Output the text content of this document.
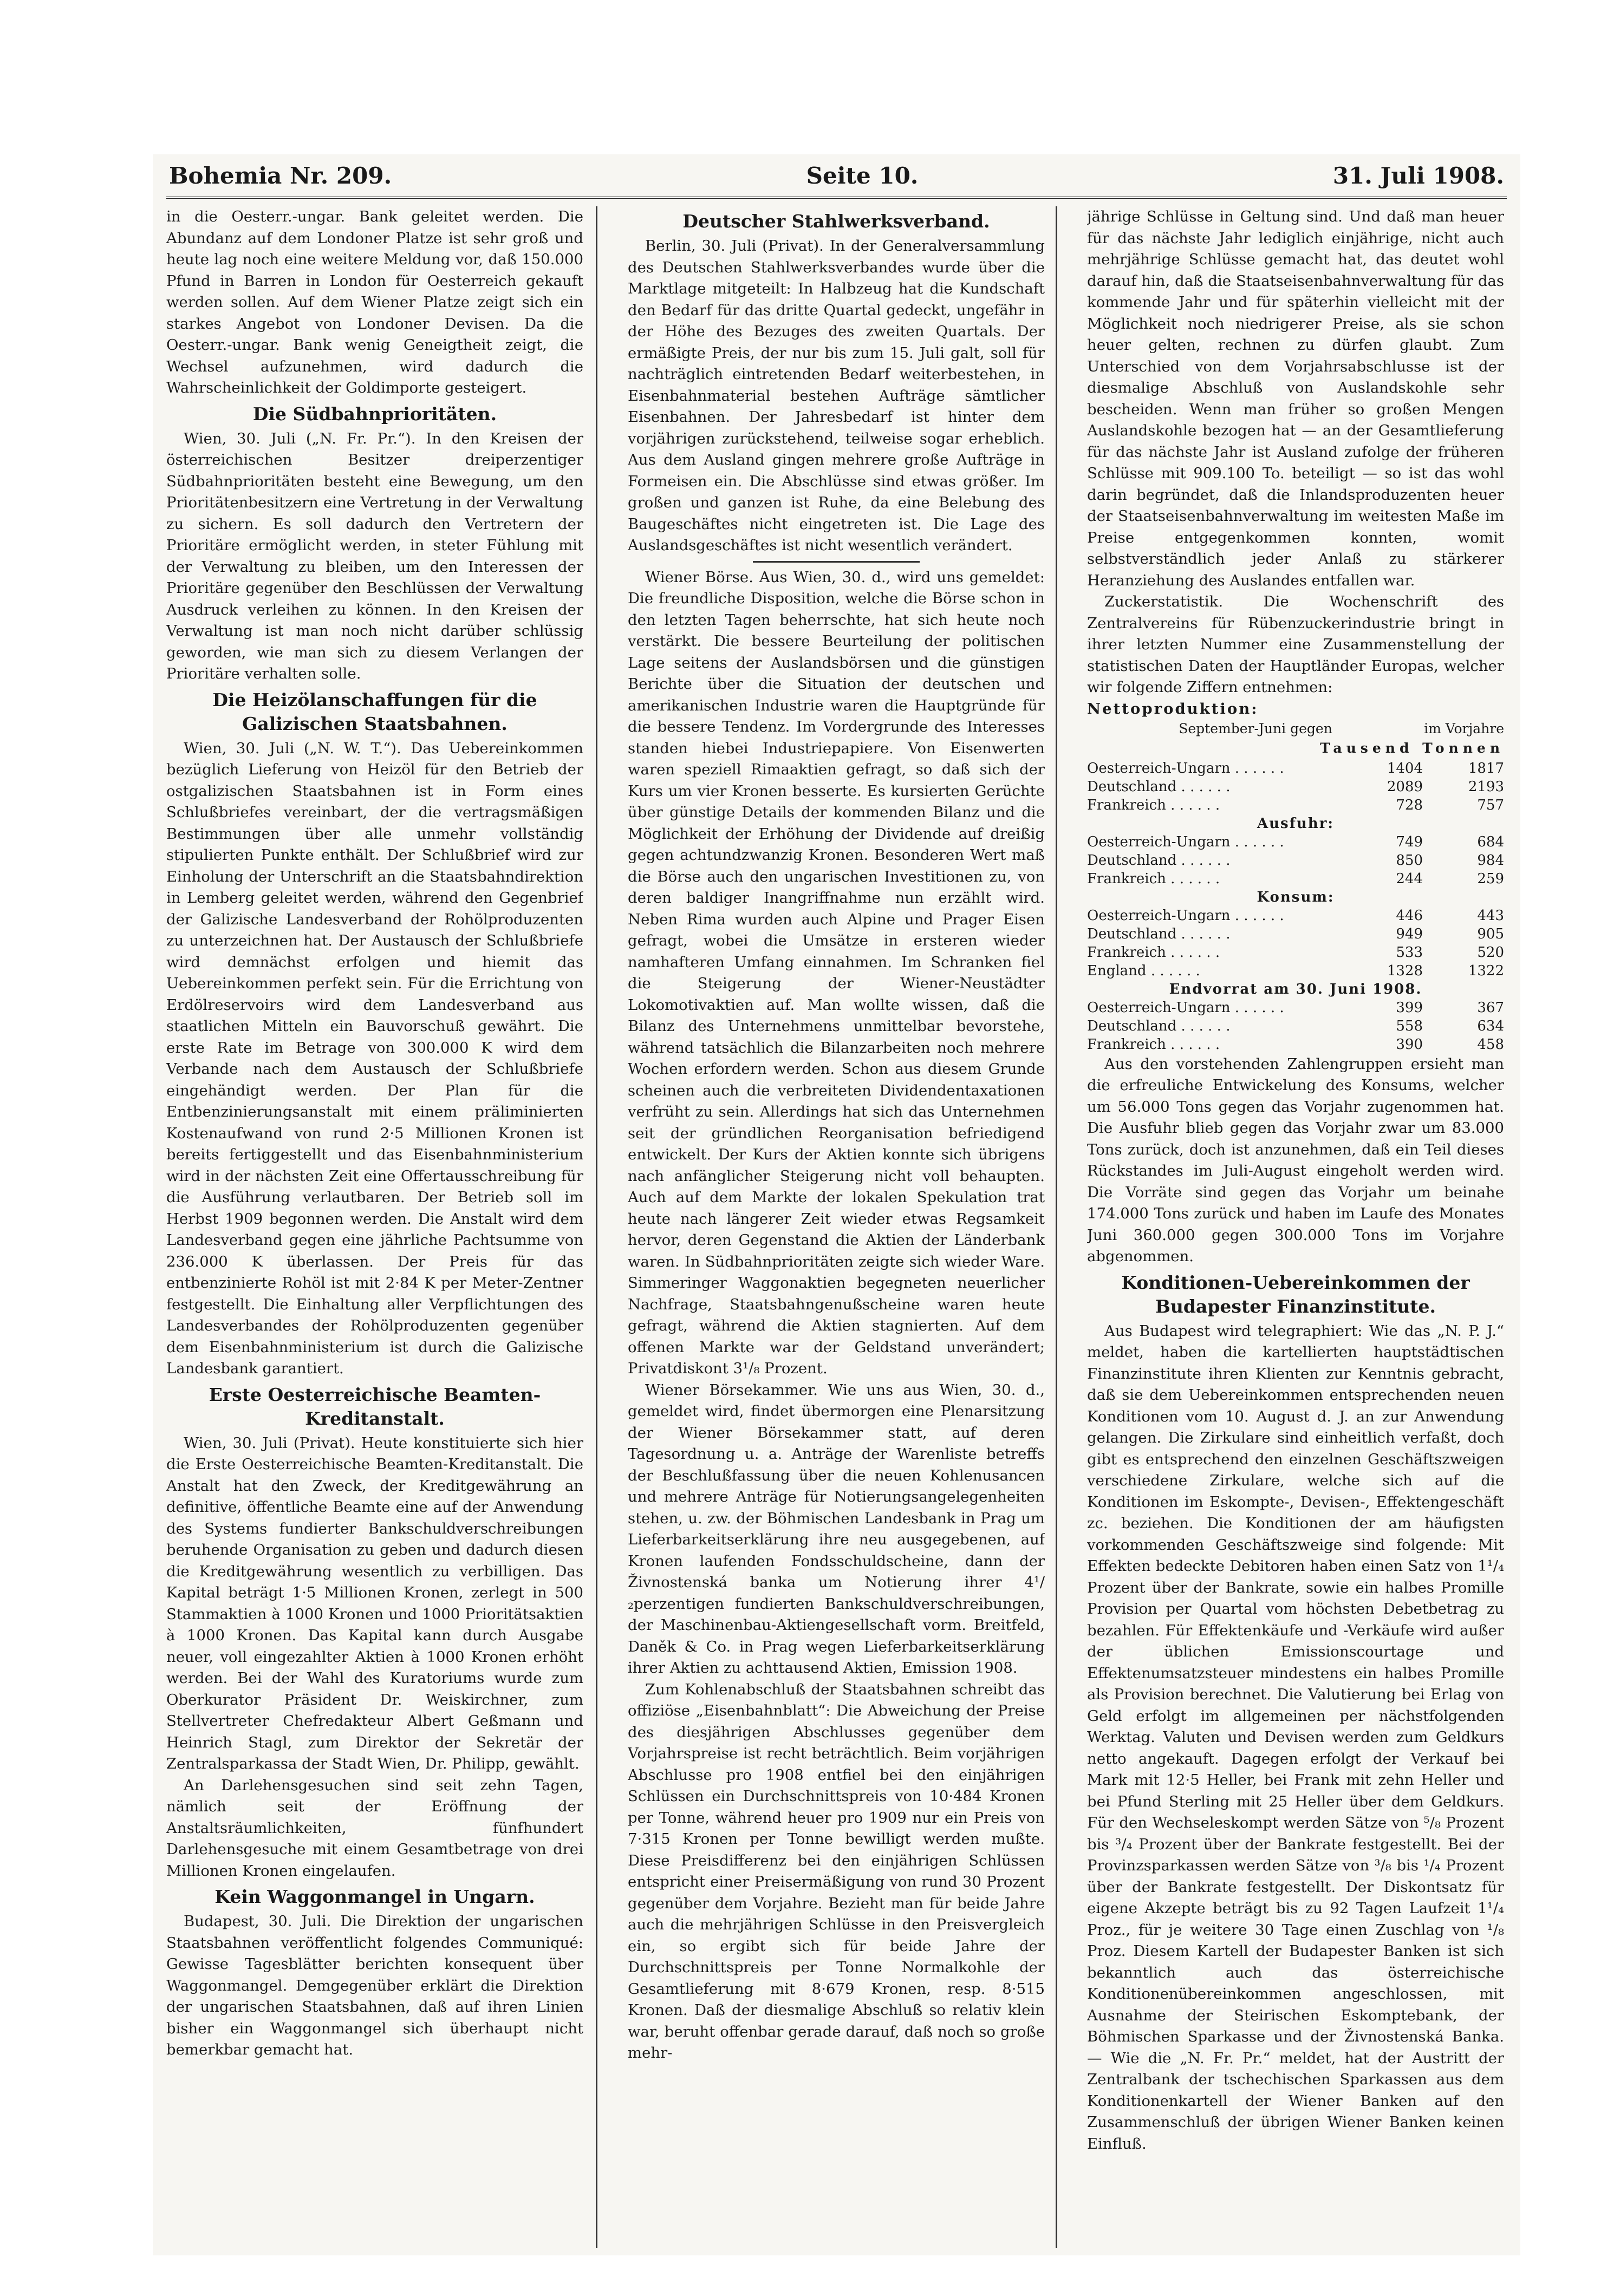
Bohemia Nr. 209.	Seite 10.	31. Juli 1908.

in die Oesterr.-ungar. Bank geleitet werden. Die Abundanz auf dem Londoner Platze ist sehr groß und heute lag noch eine weitere Meldung vor, daß 150.000 Pfund in Barren in London für Oesterreich gekauft werden sollen. Auf dem Wiener Platze zeigt sich ein starkes Angebot von Londoner Devisen. Da die Oesterr.-ungar. Bank wenig Geneigtheit zeigt, die Wechsel aufzunehmen, wird dadurch die Wahrscheinlichkeit der Goldimporte gesteigert.

Die Südbahnprioritäten.

Wien, 30. Juli („N. Fr. Pr.“). In den Kreisen der österreichischen Besitzer dreiperzentiger Südbahnprioritäten besteht eine Bewegung, um den Prioritätenbesitzern eine Vertretung in der Verwaltung zu sichern. Es soll dadurch den Vertretern der Prioritäre ermöglicht werden, in steter Fühlung mit der Verwaltung zu bleiben, um den Interessen der Prioritäre gegenüber den Beschlüssen der Verwaltung Ausdruck verleihen zu können. In den Kreisen der Verwaltung ist man noch nicht darüber schlüssig geworden, wie man sich zu diesem Verlangen der Prioritäre verhalten solle.

Die Heizölanschaffungen für die Galizischen Staatsbahnen.

Wien, 30. Juli („N. W. T.“). Das Uebereinkommen bezüglich Lieferung von Heizöl für den Betrieb der ostgalizischen Staatsbahnen ist in Form eines Schlußbriefes vereinbart, der die vertragsmäßigen Bestimmungen über alle unmehr vollständig stipulierten Punkte enthält. Der Schlußbrief wird zur Einholung der Unterschrift an die Staatsbahndirektion in Lemberg geleitet werden, während den Gegenbrief der Galizische Landesverband der Rohölproduzenten zu unterzeichnen hat. Der Austausch der Schlußbriefe wird demnächst erfolgen und hiemit das Uebereinkommen perfekt sein. Für die Errichtung von Erdölreservoirs wird dem Landesverband aus staatlichen Mitteln ein Bauvorschuß gewährt. Die erste Rate im Betrage von 300.000 K wird dem Verbande nach dem Austausch der Schlußbriefe eingehändigt werden. Der Plan für die Entbenzinierungsanstalt mit einem präliminierten Kostenaufwand von rund 2·5 Millionen Kronen ist bereits fertiggestellt und das Eisenbahnministerium wird in der nächsten Zeit eine Offertausschreibung für die Ausführung verlautbaren. Der Betrieb soll im Herbst 1909 begonnen werden. Die Anstalt wird dem Landesverband gegen eine jährliche Pachtsumme von 236.000 K überlassen. Der Preis für das entbenzinierte Rohöl ist mit 2·84 K per Meter-Zentner festgestellt. Die Einhaltung aller Verpflichtungen des Landesverbandes der Rohölproduzenten gegenüber dem Eisenbahnministerium ist durch die Galizische Landesbank garantiert.

Erste Oesterreichische Beamten-Kreditanstalt.

Wien, 30. Juli (Privat). Heute konstituierte sich hier die Erste Oesterreichische Beamten-Kreditanstalt. Die Anstalt hat den Zweck, der Kreditgewährung an definitive, öffentliche Beamte eine auf der Anwendung des Systems fundierter Bankschuldverschreibungen beruhende Organisation zu geben und dadurch diesen die Kreditgewährung wesentlich zu verbilligen. Das Kapital beträgt 1·5 Millionen Kronen, zerlegt in 500 Stammaktien à 1000 Kronen und 1000 Prioritätsaktien à 1000 Kronen. Das Kapital kann durch Ausgabe neuer, voll eingezahlter Aktien à 1000 Kronen erhöht werden. Bei der Wahl des Kuratoriums wurde zum Oberkurator Präsident Dr. Weiskirchner, zum Stellvertreter Chefredakteur Albert Geßmann und Heinrich Stagl, zum Direktor der Sekretär der Zentralsparkassa der Stadt Wien, Dr. Philipp, gewählt.

An Darlehensgesuchen sind seit zehn Tagen, nämlich seit der Eröffnung der Anstaltsräumlichkeiten, fünfhundert Darlehensgesuche mit einem Gesamtbetrage von drei Millionen Kronen eingelaufen.

Kein Waggonmangel in Ungarn.

Budapest, 30. Juli. Die Direktion der ungarischen Staatsbahnen veröffentlicht folgendes Communiqué: Gewisse Tagesblätter berichten konsequent über Waggonmangel. Demgegenüber erklärt die Direktion der ungarischen Staatsbahnen, daß auf ihren Linien bisher ein Waggonmangel sich überhaupt nicht bemerkbar gemacht hat.

Deutscher Stahlwerksverband.

Berlin, 30. Juli (Privat). In der Generalversammlung des Deutschen Stahlwerksverbandes wurde über die Marktlage mitgeteilt: In Halbzeug hat die Kundschaft den Bedarf für das dritte Quartal gedeckt, ungefähr in der Höhe des Bezuges des zweiten Quartals. Der ermäßigte Preis, der nur bis zum 15. Juli galt, soll für nachträglich eintretenden Bedarf weiterbestehen, in Eisenbahnmaterial bestehen Aufträge sämtlicher Eisenbahnen. Der Jahresbedarf ist hinter dem vorjährigen zurückstehend, teilweise sogar erheblich. Aus dem Ausland gingen mehrere große Aufträge in Formeisen ein. Die Abschlüsse sind etwas größer. Im großen und ganzen ist Ruhe, da eine Belebung des Baugeschäftes nicht eingetreten ist. Die Lage des Auslandsgeschäftes ist nicht wesentlich verändert.

Wiener Börse. Aus Wien, 30. d., wird uns gemeldet: Die freundliche Disposition, welche die Börse schon in den letzten Tagen beherrschte, hat sich heute noch verstärkt. Die bessere Beurteilung der politischen Lage seitens der Auslandsbörsen und die günstigen Berichte über die Situation der deutschen und amerikanischen Industrie waren die Hauptgründe für die bessere Tendenz. Im Vordergrunde des Interesses standen hiebei Industriepapiere. Von Eisenwerten waren speziell Rimaaktien gefragt, so daß sich der Kurs um vier Kronen besserte. Es kursierten Gerüchte über günstige Details der kommenden Bilanz und die Möglichkeit der Erhöhung der Dividende auf dreißig gegen achtundzwanzig Kronen. Besonderen Wert maß die Börse auch den ungarischen Investitionen zu, von deren baldiger Inangriffnahme nun erzählt wird. Neben Rima wurden auch Alpine und Prager Eisen gefragt, wobei die Umsätze in ersteren wieder namhafteren Umfang einnahmen. Im Schranken fiel die Steigerung der Wiener-Neustädter Lokomotivaktien auf. Man wollte wissen, daß die Bilanz des Unternehmens unmittelbar bevorstehe, während tatsächlich die Bilanzarbeiten noch mehrere Wochen erfordern werden. Schon aus diesem Grunde scheinen auch die verbreiteten Dividendentaxationen verfrüht zu sein. Allerdings hat sich das Unternehmen seit der gründlichen Reorganisation befriedigend entwickelt. Der Kurs der Aktien konnte sich übrigens nach anfänglicher Steigerung nicht voll behaupten. Auch auf dem Markte der lokalen Spekulation trat heute nach längerer Zeit wieder etwas Regsamkeit hervor, deren Gegenstand die Aktien der Länderbank waren. In Südbahnprioritäten zeigte sich wieder Ware. Simmeringer Waggonaktien begegneten neuerlicher Nachfrage, Staatsbahngenußscheine waren heute gefragt, während die Aktien stagnierten. Auf dem offenen Markte war der Geldstand unverändert; Privatdiskont 3¹/₈ Prozent.

Wiener Börsekammer. Wie uns aus Wien, 30. d., gemeldet wird, findet übermorgen eine Plenarsitzung der Wiener Börsekammer statt, auf deren Tagesordnung u. a. Anträge der Warenliste betreffs der Beschlußfassung über die neuen Kohlenusancen und mehrere Anträge für Notierungsangelegenheiten stehen, u. zw. der Böhmischen Landesbank in Prag um Lieferbarkeitserklärung ihre neu ausgegebenen, auf Kronen laufenden Fondsschuldscheine, dann der Živnostenská banka um Notierung ihrer 4¹/₂perzentigen fundierten Bankschuldverschreibungen, der Maschinenbau-Aktiengesellschaft vorm. Breitfeld, Daněk & Co. in Prag wegen Lieferbarkeitserklärung ihrer Aktien zu achttausend Aktien, Emission 1908.

Zum Kohlenabschluß der Staatsbahnen schreibt das offiziöse „Eisenbahnblatt“: Die Abweichung der Preise des diesjährigen Abschlusses gegenüber dem Vorjahrspreise ist recht beträchtlich. Beim vorjährigen Abschlusse pro 1908 entfiel bei den einjährigen Schlüssen ein Durchschnittspreis von 10·484 Kronen per Tonne, während heuer pro 1909 nur ein Preis von 7·315 Kronen per Tonne bewilligt werden mußte. Diese Preisdifferenz bei den einjährigen Schlüssen entspricht einer Preisermäßigung von rund 30 Prozent gegenüber dem Vorjahre. Bezieht man für beide Jahre auch die mehrjährigen Schlüsse in den Preisvergleich ein, so ergibt sich für beide Jahre der Durchschnittspreis per Tonne Normalkohle der Gesamtlieferung mit 8·679 Kronen, resp. 8·515 Kronen. Daß der diesmalige Abschluß so relativ klein war, beruht offenbar gerade darauf, daß noch so große mehr-

jährige Schlüsse in Geltung sind. Und daß man heuer für das nächste Jahr lediglich einjährige, nicht auch mehrjährige Schlüsse gemacht hat, das deutet wohl darauf hin, daß die Staatseisenbahnverwaltung für das kommende Jahr und für späterhin vielleicht mit der Möglichkeit noch niedrigerer Preise, als sie schon heuer gelten, rechnen zu dürfen glaubt. Zum Unterschied von dem Vorjahrsabschlusse ist der diesmalige Abschluß von Auslandskohle sehr bescheiden. Wenn man früher so großen Mengen Auslandskohle bezogen hat — an der Gesamtlieferung für das nächste Jahr ist Ausland zufolge der früheren Schlüsse mit 909.100 To. beteiligt — so ist das wohl darin begründet, daß die Inlandsproduzenten heuer der Staatseisenbahnverwaltung im weitesten Maße im Preise entgegenkommen konnten, womit selbstverständlich jeder Anlaß zu stärkerer Heranziehung des Auslandes entfallen war.

Zuckerstatistik. Die Wochenschrift des Zentralvereins für Rübenzuckerindustrie bringt in ihrer letzten Nummer eine Zusammenstellung der statistischen Daten der Hauptländer Europas, welcher wir folgende Ziffern entnehmen:

Nettoproduktion:
September-Juni gegen	im Vorjahre
Tausend Tonnen
Oesterreich-Ungarn . . . . . .	1404	1817
Deutschland . . . . . .	2089	2193
Frankreich . . . . . .	728	757
Ausfuhr:		
Oesterreich-Ungarn . . . . . .	749	684
Deutschland . . . . . .	850	984
Frankreich . . . . . .	244	259
Konsum:		
Oesterreich-Ungarn . . . . . .	446	443
Deutschland . . . . . .	949	905
Frankreich . . . . . .	533	520
England . . . . . .	1328	1322
Endvorrat am 30. Juni 1908.		
Oesterreich-Ungarn . . . . . .	399	367
Deutschland . . . . . .	558	634
Frankreich . . . . . .	390	458

Aus den vorstehenden Zahlengruppen ersieht man die erfreuliche Entwickelung des Konsums, welcher um 56.000 Tons gegen das Vorjahr zugenommen hat. Die Ausfuhr blieb gegen das Vorjahr zwar um 83.000 Tons zurück, doch ist anzunehmen, daß ein Teil dieses Rückstandes im Juli-August eingeholt werden wird. Die Vorräte sind gegen das Vorjahr um beinahe 174.000 Tons zurück und haben im Laufe des Monates Juni 360.000 gegen 300.000 Tons im Vorjahre abgenommen.

Konditionen-Uebereinkommen der Budapester Finanzinstitute.

Aus Budapest wird telegraphiert: Wie das „N. P. J.“ meldet, haben die kartellierten hauptstädtischen Finanzinstitute ihren Klienten zur Kenntnis gebracht, daß sie dem Uebereinkommen entsprechenden neuen Konditionen vom 10. August d. J. an zur Anwendung gelangen. Die Zirkulare sind einheitlich verfaßt, doch gibt es entsprechend den einzelnen Geschäftszweigen verschiedene Zirkulare, welche sich auf die Konditionen im Eskompte-, Devisen-, Effektengeschäft zc. beziehen. Die Konditionen der am häufigsten vorkommenden Geschäftszweige sind folgende: Mit Effekten bedeckte Debitoren haben einen Satz von 1¹/₄ Prozent über der Bankrate, sowie ein halbes Promille Provision per Quartal vom höchsten Debetbetrag zu bezahlen. Für Effektenkäufe und -Verkäufe wird außer der üblichen Emissionscourtage und Effektenumsatzsteuer mindestens ein halbes Promille als Provision berechnet. Die Valutierung bei Erlag von Geld erfolgt im allgemeinen per nächstfolgenden Werktag. Valuten und Devisen werden zum Geldkurs netto angekauft. Dagegen erfolgt der Verkauf bei Mark mit 12·5 Heller, bei Frank mit zehn Heller und bei Pfund Sterling mit 25 Heller über dem Geldkurs. Für den Wechseleskompt werden Sätze von ⁵/₈ Prozent bis ³/₄ Prozent über der Bankrate festgestellt. Bei der Provinzsparkassen werden Sätze von ³/₈ bis ¹/₄ Prozent über der Bankrate festgestellt. Der Diskontsatz für eigene Akzepte beträgt bis zu 92 Tagen Laufzeit 1¹/₄ Proz., für je weitere 30 Tage einen Zuschlag von ¹/₈ Proz. Diesem Kartell der Budapester Banken ist sich bekanntlich auch das österreichische Konditionenübereinkommen angeschlossen, mit Ausnahme der Steirischen Eskomptebank, der Böhmischen Sparkasse und der Živnostenská Banka. — Wie die „N. Fr. Pr.“ meldet, hat der Austritt der Zentralbank der tschechischen Sparkassen aus dem Konditionenkartell der Wiener Banken auf den Zusammenschluß der übrigen Wiener Banken keinen Einfluß.
